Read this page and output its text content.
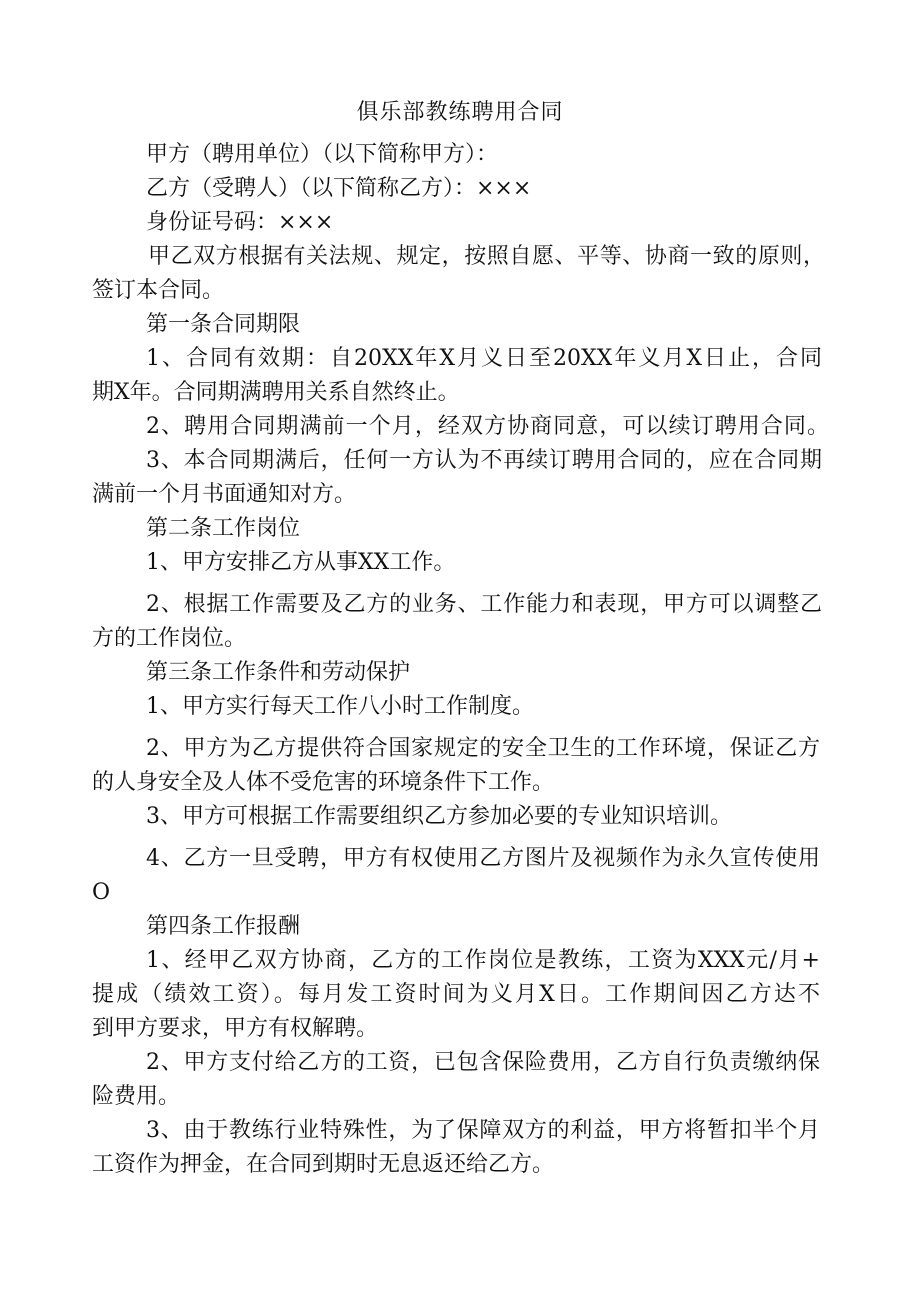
俱乐部教练聘用合同

甲方（聘用单位）（以下简称甲方）：

乙方（受聘人）（以下简称乙方）：×××

身份证号码：×××

甲乙双方根据有关法规、规定，按照自愿、平等、协商一致的原则，

签订本合同。

第一条合同期限

1、合同有效期：自20XX年X月义日至20XX年义月X日止，合同

期X年。合同期满聘用关系自然终止。

2、聘用合同期满前一个月，经双方协商同意，可以续订聘用合同。

3、本合同期满后，任何一方认为不再续订聘用合同的，应在合同期

满前一个月书面通知对方。

第二条工作岗位

1、甲方安排乙方从事XX工作。

2、根据工作需要及乙方的业务、工作能力和表现，甲方可以调整乙

方的工作岗位。

第三条工作条件和劳动保护

1、甲方实行每天工作八小时工作制度。

2、甲方为乙方提供符合国家规定的安全卫生的工作环境，保证乙方

的人身安全及人体不受危害的环境条件下工作。

3、甲方可根据工作需要组织乙方参加必要的专业知识培训。

4、乙方一旦受聘，甲方有权使用乙方图片及视频作为永久宣传使用

O

第四条工作报酬

1、经甲乙双方协商，乙方的工作岗位是教练，工资为XXX元/月+

提成（绩效工资）。每月发工资时间为义月X日。工作期间因乙方达不

到甲方要求，甲方有权解聘。

2、甲方支付给乙方的工资，已包含保险费用，乙方自行负责缴纳保

险费用。

3、由于教练行业特殊性，为了保障双方的利益，甲方将暂扣半个月

工资作为押金，在合同到期时无息返还给乙方。
